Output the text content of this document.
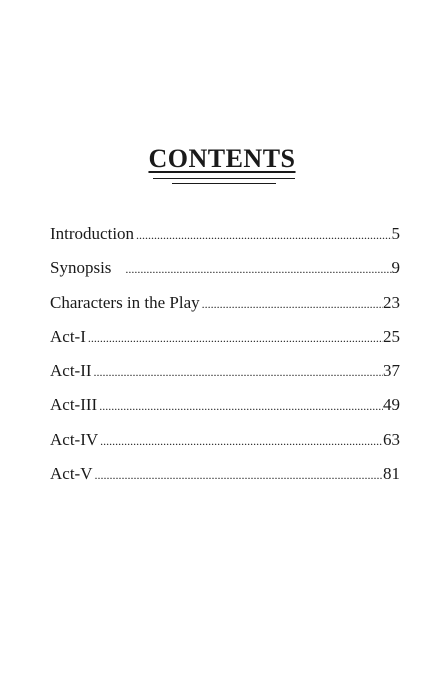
CONTENTS
Introduction .....	5
Synopsis .....	9
Characters in the Play .....	23
Act-I .....	25
Act-II .....	37
Act-III .....	49
Act-IV .....	63
Act-V .....	81
